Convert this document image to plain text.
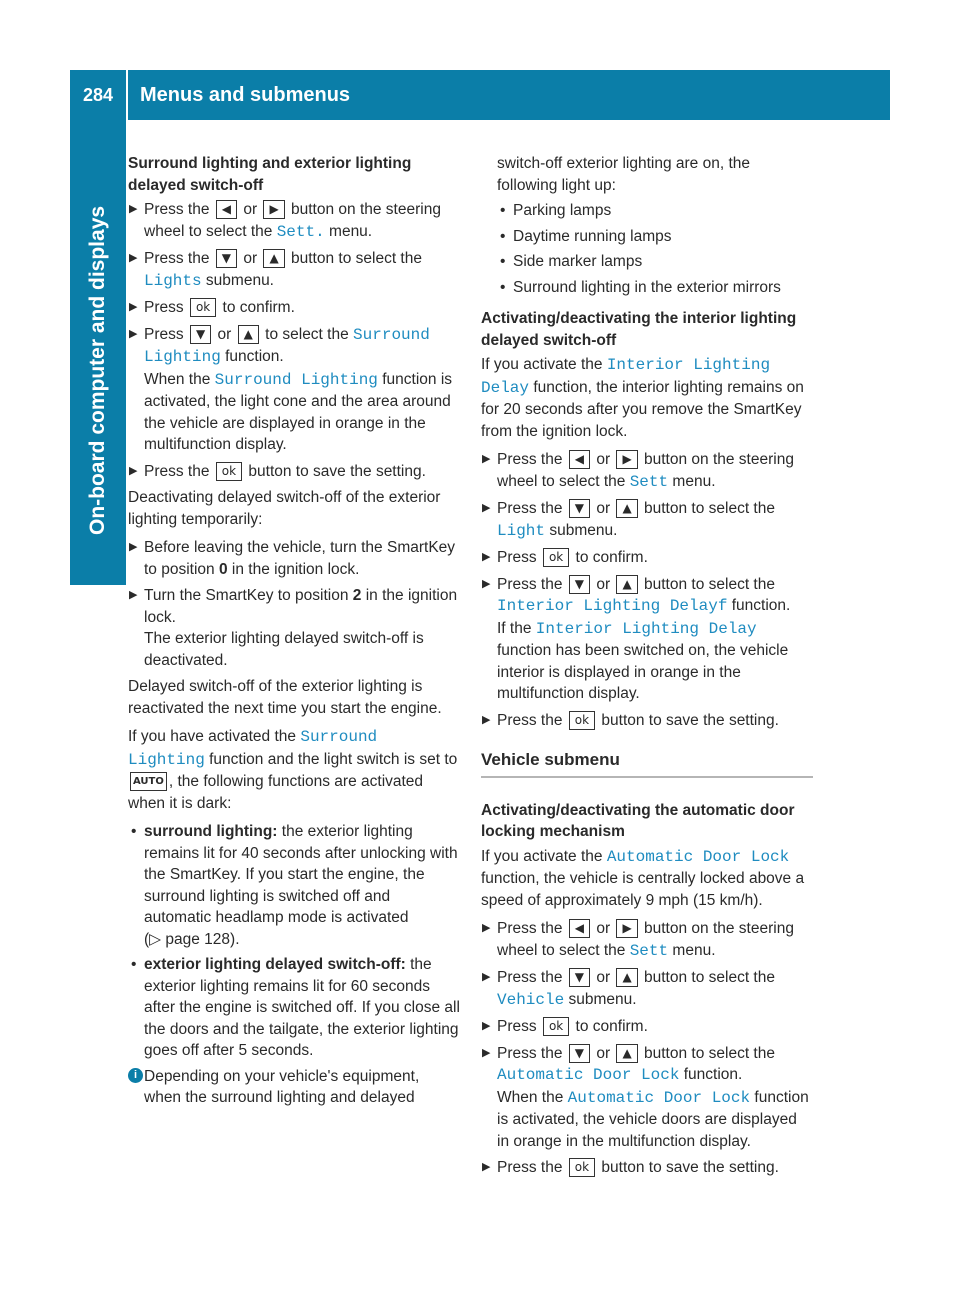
284	Menus and submenus
On-board computer and displays
Surround lighting and exterior lighting delayed switch-off
▶ Press the ◀ or ▶ button on the steering wheel to select the Sett. menu.
▶ Press the ▼ or ▲ button to select the Lights submenu.
▶ Press ok to confirm.
▶ Press ▼ or ▲ to select the Surround Lighting function.
When the Surround Lighting function is activated, the light cone and the area around the vehicle are displayed in orange in the multifunction display.
▶ Press the ok button to save the setting.

Deactivating delayed switch-off of the exterior lighting temporarily:

▶ Before leaving the vehicle, turn the SmartKey to position 0 in the ignition lock.
▶ Turn the SmartKey to position 2 in the ignition lock.
The exterior lighting delayed switch-off is deactivated.

Delayed switch-off of the exterior lighting is reactivated the next time you start the engine.

If you have activated the Surround Lighting function and the light switch is set to AUTO , the following functions are activated when it is dark:

• surround lighting: the exterior lighting remains lit for 40 seconds after unlocking with the SmartKey. If you start the engine, the surround lighting is switched off and automatic headlamp mode is activated
(▷ page 128).
• exterior lighting delayed switch-off: the exterior lighting remains lit for 60 seconds after the engine is switched off. If you close all the doors and the tailgate, the exterior lighting goes off after 5 seconds.
i Depending on your vehicle's equipment, when the surround lighting and delayed
switch-off exterior lighting are on, the following light up:
• Parking lamps
• Daytime running lamps
• Side marker lamps
• Surround lighting in the exterior mirrors
Activating/deactivating the interior lighting delayed switch-off

If you activate the Interior Lighting Delay function, the interior lighting remains on for 20 seconds after you remove the SmartKey from the ignition lock.

▶ Press the ◀ or ▶ button on the steering wheel to select the Sett menu.
▶ Press the ▼ or ▲ button to select the Light submenu.
▶ Press ok to confirm.
▶ Press the ▼ or ▲ button to select the Interior Lighting Delayf function.
If the Interior Lighting Delay function has been switched on, the vehicle interior is displayed in orange in the multifunction display.
▶ Press the ok button to save the setting.
Vehicle submenu
Activating/deactivating the automatic door locking mechanism

If you activate the Automatic Door Lock function, the vehicle is centrally locked above a speed of approximately 9 mph (15 km/h).

▶ Press the ◀ or ▶ button on the steering wheel to select the Sett menu.
▶ Press the ▼ or ▲ button to select the Vehicle submenu.
▶ Press ok to confirm.
▶ Press the ▼ or ▲ button to select the Automatic Door Lock function.
When the Automatic Door Lock function is activated, the vehicle doors are displayed in orange in the multifunction display.
▶ Press the ok button to save the setting.
